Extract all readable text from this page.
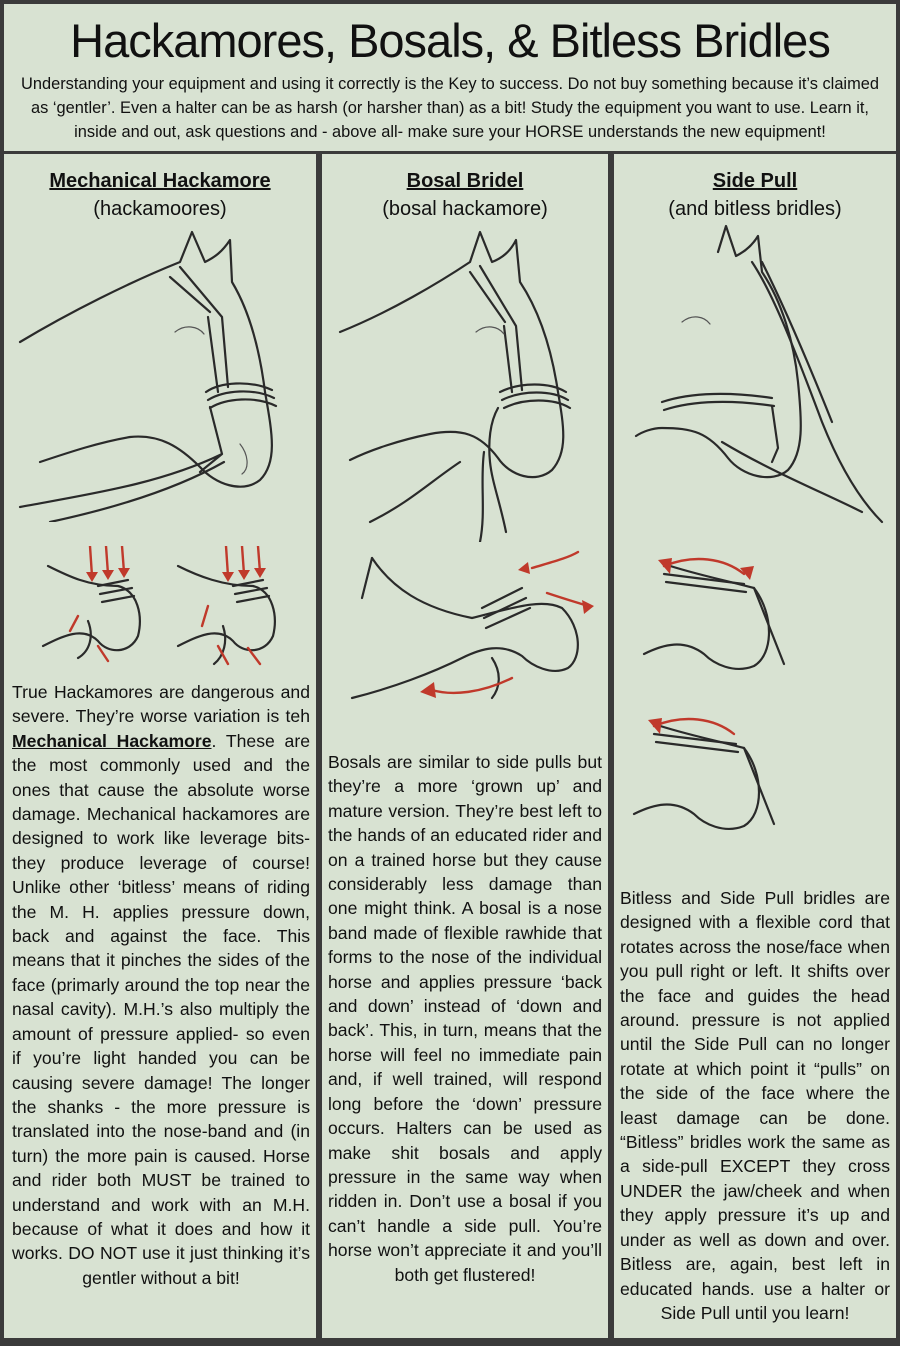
Hackamores, Bosals, & Bitless Bridles

Understanding your equipment and using it correctly is the Key to success. Do not buy something because it’s claimed as ‘gentler’. Even a halter can be as harsh (or harsher than) as a bit! Study the equipment you want to use. Learn it, inside and out, ask questions and - above all- make sure your HORSE understands the new equipment!

Mechanical Hackamore
(hackamoores)
True Hackamores are dangerous and severe. They’re worse variation is teh Mechanical Hackamore. These are the most commonly used and the ones that cause the absolute worse damage. Mechanical hackamores are designed to work like leverage bits- they produce leverage of course! Unlike other ‘bitless’ means of riding the M. H. applies pressure down, back and against the face. This means that it pinches the sides of the face (primarly around the top near the nasal cavity). M.H.’s also multiply the amount of pressure applied- so even if you’re light handed you can be causing severe damage! The longer the shanks - the more pressure is translated into the nose-band and (in turn) the more pain is caused. Horse and rider both MUST be trained to understand and work with an M.H. because of what it does and how it works. DO NOT use it just thinking it’s gentler without a bit!
Bosal Bridel
(bosal hackamore)
Bosals are similar to side pulls but they’re a more ‘grown up’ and mature version. They’re best left to the hands of an educated rider and on a trained horse but they cause considerably less damage than one might think. A bosal is a nose band made of flexible rawhide that forms to the nose of the individual horse and applies pressure ‘back and down’ instead of ‘down and back’. This, in turn, means that the horse will feel no immediate pain and, if well trained, will respond long before the ‘down’ pressure occurs. Halters can be used as make shit bosals and apply pressure in the same way when ridden in. Don’t use a bosal if you can’t handle a side pull. You’re horse won’t appreciate it and you’ll both get flustered!
Side Pull
(and bitless bridles)
Bitless and Side Pull bridles are designed with a flexible cord that rotates across the nose/face when you pull right or left. It shifts over the face and guides the head around. pressure is not applied until the Side Pull can no longer rotate at which point it “pulls” on the side of the face where the least damage can be done. “Bitless” bridles work the same as a side-pull EXCEPT they cross UNDER the jaw/cheek and when they apply pressure it’s up and under as well as down and over. Bitless are, again, best left in educated hands. use a halter or Side Pull until you learn!
